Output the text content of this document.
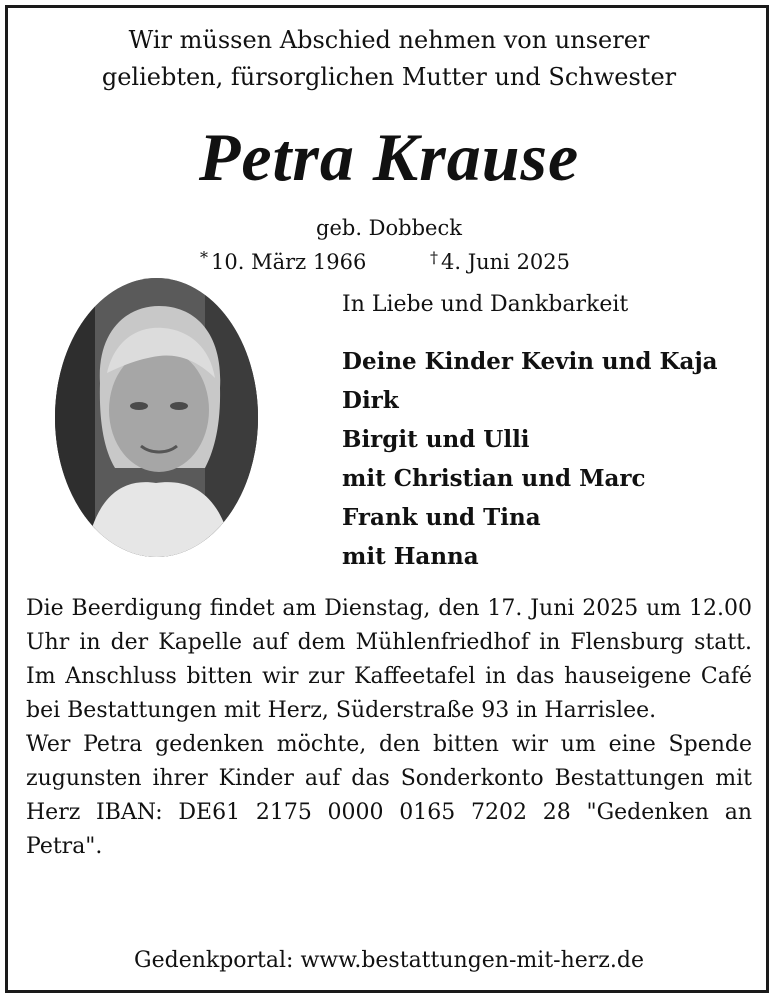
Wir müssen Abschied nehmen von unserer
geliebten, fürsorglichen Mutter und Schwester
Petra Krause
geb. Dobbeck
* 10. März 1966	† 4. Juni 2025
In Liebe und Dankbarkeit
Deine Kinder Kevin und Kaja
Dirk
Birgit und Ulli
mit Christian und Marc
Frank und Tina
mit Hanna

Die Beerdigung findet am Dienstag, den 17. Juni 2025 um 12.00 Uhr in der Kapelle auf dem Mühlenfriedhof in Flensburg statt. Im Anschluss bitten wir zur Kaffeetafel in das hauseigene Café bei Bestattungen mit Herz, Süderstraße 93 in Harrislee.

Wer Petra gedenken möchte, den bitten wir um eine Spende zugunsten ihrer Kinder auf das Sonderkonto Bestattungen mit Herz IBAN: DE61 2175 0000 0165 7202 28 "Gedenken an Petra".

Gedenkportal: www.bestattungen-mit-herz.de
